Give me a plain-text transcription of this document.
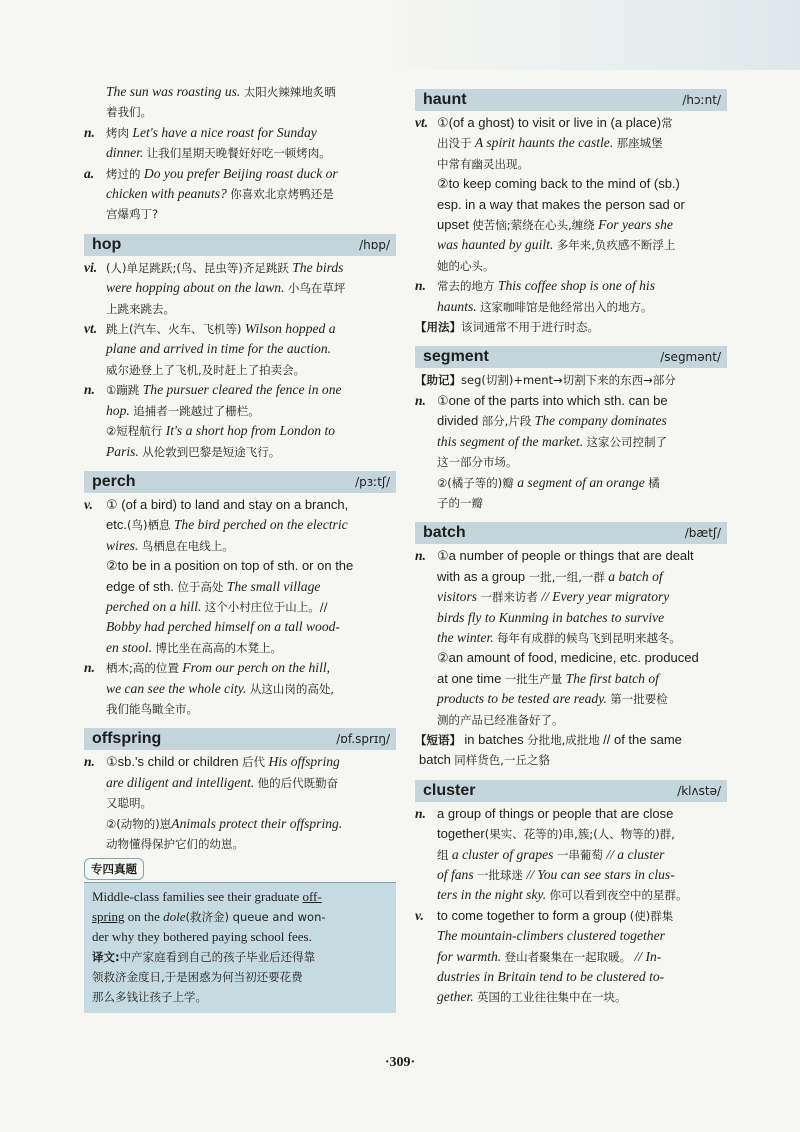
The sun was roasting us. 太阳火辣辣地炙晒
着我们。
n. 烤肉 Let's have a nice roast for Sunday
dinner. 让我们星期天晚餐好好吃一顿烤肉。
a.	烤过的 Do you prefer Beijing roast duck or
chicken with peanuts? 你喜欢北京烤鸭还是
宫爆鸡丁?
hop	/hɒp/
vi. (人)单足跳跃;(鸟、昆虫等)齐足跳跃 The birds
were hopping about on the lawn. 小鸟在草坪
上跳来跳去。
vt. 跳上(汽车、火车、飞机等) Wilson hopped a
plane and arrived in time for the auction.
威尔逊登上了飞机,及时赶上了拍卖会。
n. ①蹦跳 The pursuer cleared the fence in one
hop. 追捕者一跳越过了栅栏。
②短程航行 It's a short hop from London to
Paris. 从伦敦到巴黎是短途飞行。
perch	/pɜːtʃ/
v.	① (of a bird) to land and stay on a branch,
etc.(鸟)栖息 The bird perched on the electric
wires. 鸟栖息在电线上。
②to be in a position on top of sth. or on the
edge of sth. 位于高处 The small village
perched on a hill. 这个小村庄位于山上。//
Bobby had perched himself on a tall wood-
en stool. 博比坐在高高的木凳上。
n. 栖木;高的位置 From our perch on the hill,
we can see the whole city. 从这山岗的高处,
我们能鸟瞰全市。
offspring	/ɒf.sprɪŋ/
n. ①sb.'s child or children 后代 His offspring
are diligent and intelligent. 他的后代既勤奋
又聪明。
②(动物的)崽Animals protect their offspring.
动物懂得保护它们的幼崽。
专四真题
Middle-class families see their graduate off-
spring on the dole(救济金) queue and won-
der why they bothered paying school fees.
译文:中产家庭看到自己的孩子毕业后还得靠
领救济金度日,于是困惑为何当初还要花费
那么多钱让孩子上学。
haunt	/hɔːnt/
vt. ①(of a ghost) to visit or live in (a place)常
出没于 A spirit haunts the castle. 那座城堡
中常有幽灵出现。
②to keep coming back to the mind of (sb.)
esp. in a way that makes the person sad or
upset 使苦恼;萦绕在心头,缠绕 For years she
was haunted by guilt. 多年来,负疚感不断浮上
她的心头。
n. 常去的地方 This coffee shop is one of his
haunts. 这家咖啡馆是他经常出入的地方。
【用法】该词通常不用于进行时态。
segment	/segmənt/
【助记】seg(切割)+ment→切割下来的东西→部分
n. ①one of the parts into which sth. can be
divided 部分,片段 The company dominates
this segment of the market. 这家公司控制了
这一部分市场。
②(橘子等的)瓣 a segment of an orange 橘
子的一瓣
batch	/bætʃ/
n. ①a number of people or things that are dealt
with as a group 一批,一组,一群 a batch of
visitors 一群来访者 // Every year migratory
birds fly to Kunming in batches to survive
the winter. 每年有成群的候鸟飞到昆明来越冬。
②an amount of food, medicine, etc. produced
at one time 一批生产量 The first batch of
products to be tested are ready. 第一批要检
测的产品已经准备好了。
【短语】 in batches 分批地,成批地 // of the same
batch 同样货色,一丘之貉
cluster	/klʌstə/
n. a group of things or people that are close
together(果实、花等的)串,簇;(人、物等的)群,
组 a cluster of grapes 一串葡萄 // a cluster
of fans 一批球迷 // You can see stars in clus-
ters in the night sky. 你可以看到夜空中的星群。
v.	to come together to form a group (使)群集
The mountain-climbers clustered together
for warmth. 登山者聚集在一起取暖。 // In-
dustries in Britain tend to be clustered to-
gether. 英国的工业往往集中在一块。
·309·
